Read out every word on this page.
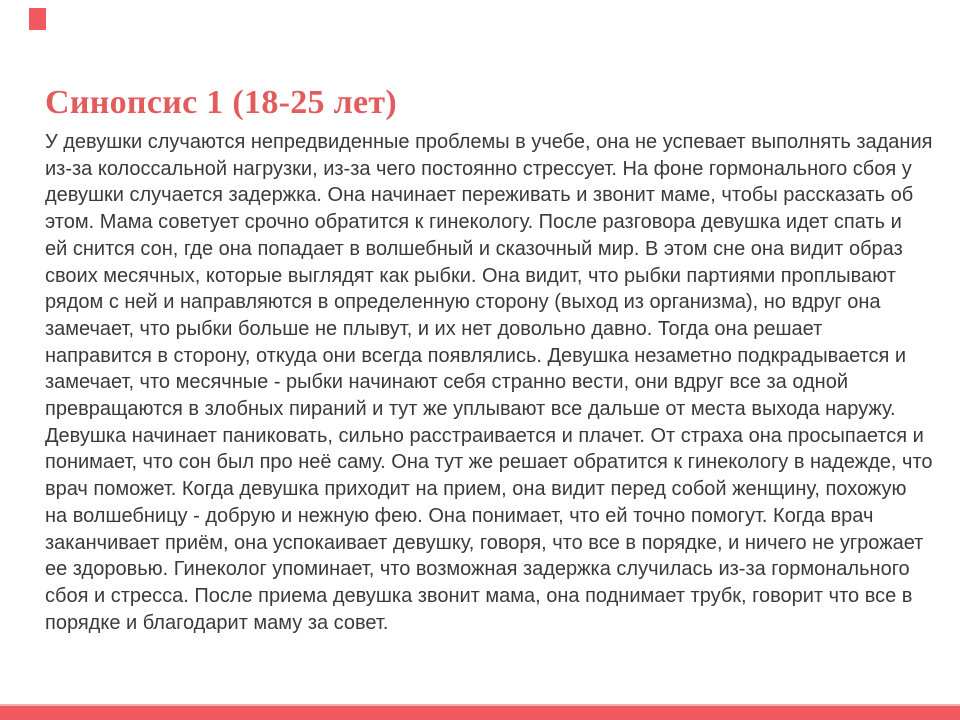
Синопсис 1 (18-25 лет)
У девушки случаются непредвиденные проблемы в учебе, она не успевает выполнять задания
из-за колоссальной нагрузки, из-за чего постоянно стрессует. На фоне гормонального сбоя у
девушки случается задержка. Она начинает переживать и звонит маме, чтобы рассказать об
этом. Мама советует срочно обратится к гинекологу. После разговора девушка идет спать и
ей снится сон, где она попадает в волшебный и сказочный мир. В этом сне она видит образ
своих месячных, которые выглядят как рыбки. Она видит, что рыбки партиями проплывают
рядом с ней и направляются в определенную сторону (выход из организма), но вдруг она
замечает, что рыбки больше не плывут, и их нет довольно давно. Тогда она решает
направится в сторону, откуда они всегда появлялись. Девушка незаметно подкрадывается и
замечает, что месячные - рыбки начинают себя странно вести, они вдруг все за одной
превращаются в злобных пираний и тут же уплывают все дальше от места выхода наружу.
Девушка начинает паниковать, сильно расстраивается и плачет. От страха она просыпается и
понимает, что сон был про неё саму. Она тут же решает обратится к гинекологу в надежде, что
врач поможет. Когда девушка приходит на прием, она видит перед собой женщину, похожую
на волшебницу - добрую и нежную фею. Она понимает, что ей точно помогут. Когда врач
заканчивает приём, она успокаивает девушку, говоря, что все в порядке, и ничего не угрожает
ее здоровью. Гинеколог упоминает, что возможная задержка случилась из-за гормонального
сбоя и стресса. После приема девушка звонит мама, она поднимает трубк, говорит что все в
порядке и благодарит маму за совет.
